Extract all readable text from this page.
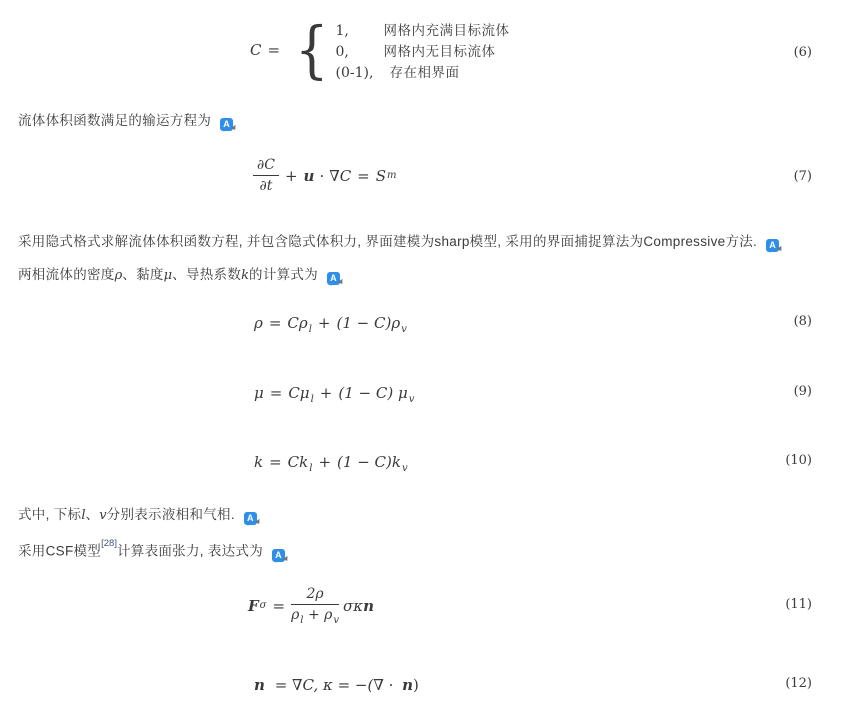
C = { 1,	网格内充满目标流体
0,	网格内无目标流体
(0-1),	存在相界面
(6)

流体体积函数满足的输运方程为 A

$\frac{\partial C}{\partial t} + u \cdot \nabla C = S$ m	(7)

采用隐式格式求解流体体积函数方程, 并包含隐式体积力, 界面建模为sharp模型, 采用的界面捕捉算法为Compressive方法. A

两相流体的密度ρ、黏度μ、导热系数k的计算式为 A

$\rho = C\rho_l + (1 - C)\rho_v$
(8)
$\mu = C\mu_l + (1 - C)$ $\mu_v$
(9)
$k = Ck_l + (1 - C)k_v$
(10)

式中, 下标l、v分别表示液相和气相. A

采用CSF模型[28]计算表面张力, 表达式为 A

F $\sigma = \frac{2\rho}{\rho_l + \rho_v}$ σκ n	(11)
n = ∇C, κ = −(∇ · n)	(12)
